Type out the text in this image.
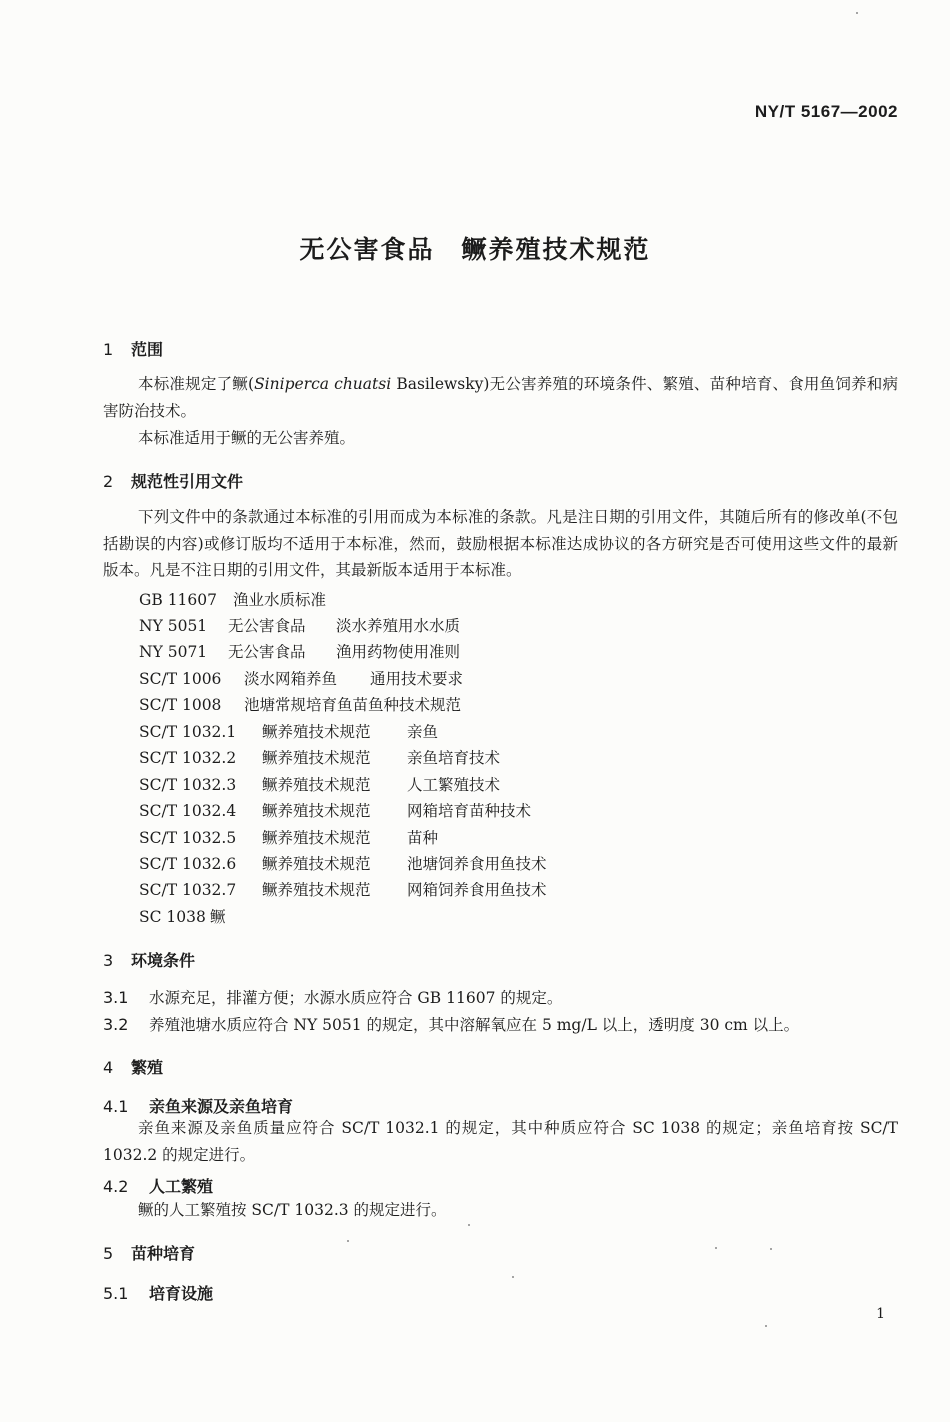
NY/T 5167—2002
无公害食品　鳜养殖技术规范
1 范围
本标准规定了鳜(Siniperca chuatsi Basilewsky)无公害养殖的环境条件、繁殖、苗种培育、食用鱼饲养和病害防治技术。
本标准适用于鳜的无公害养殖。
2 规范性引用文件
下列文件中的条款通过本标准的引用而成为本标准的条款。凡是注日期的引用文件，其随后所有的修改单(不包括勘误的内容)或修订版均不适用于本标准，然而，鼓励根据本标准达成协议的各方研究是否可使用这些文件的最新版本。凡是不注日期的引用文件，其最新版本适用于本标准。
GB 11607 渔业水质标准
NY 5051 无公害食品 淡水养殖用水水质
NY 5071 无公害食品 渔用药物使用准则
SC/T 1006 淡水网箱养鱼 通用技术要求
SC/T 1008 池塘常规培育鱼苗鱼种技术规范
SC/T 1032.1 鳜养殖技术规范 亲鱼
SC/T 1032.2 鳜养殖技术规范 亲鱼培育技术
SC/T 1032.3 鳜养殖技术规范 人工繁殖技术
SC/T 1032.4 鳜养殖技术规范 网箱培育苗种技术
SC/T 1032.5 鳜养殖技术规范 苗种
SC/T 1032.6 鳜养殖技术规范 池塘饲养食用鱼技术
SC/T 1032.7 鳜养殖技术规范 网箱饲养食用鱼技术
SC 1038 鳜
3 环境条件
3.1 水源充足，排灌方便；水源水质应符合 GB 11607 的规定。
3.2 养殖池塘水质应符合 NY 5051 的规定，其中溶解氧应在 5 mg/L 以上，透明度 30 cm 以上。
4 繁殖
4.1 亲鱼来源及亲鱼培育
亲鱼来源及亲鱼质量应符合 SC/T 1032.1 的规定，其中种质应符合 SC 1038 的规定；亲鱼培育按 SC/T 1032.2 的规定进行。
4.2 人工繁殖
鳜的人工繁殖按 SC/T 1032.3 的规定进行。
5 苗种培育
5.1 培育设施
1
